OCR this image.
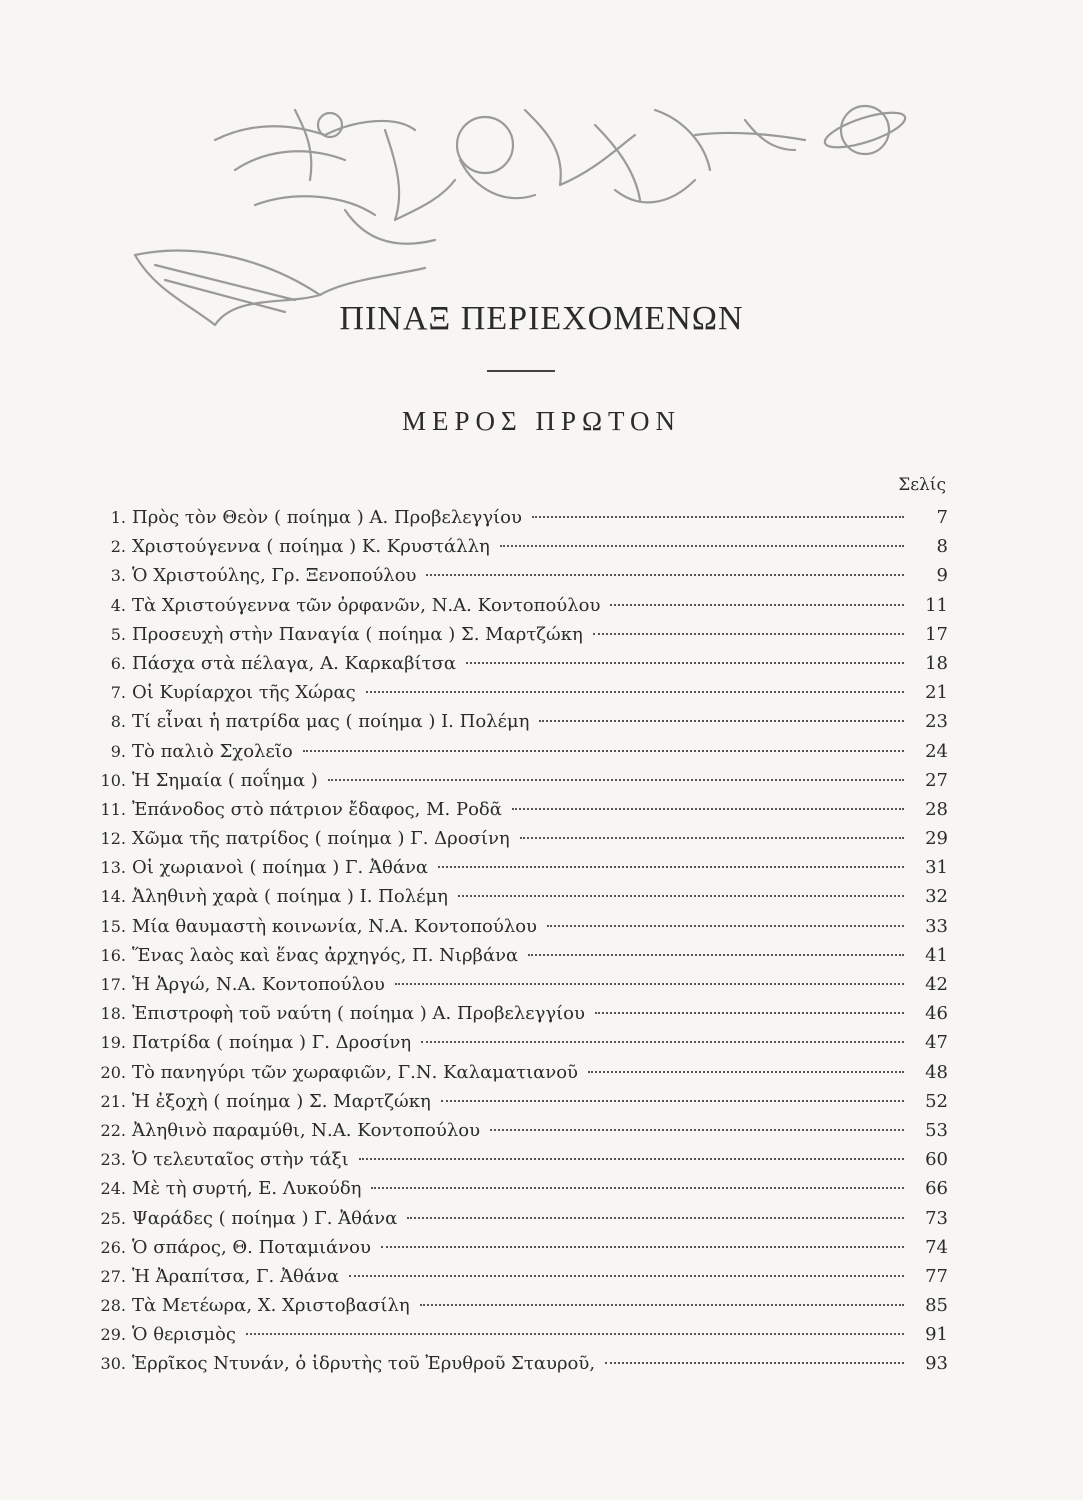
ΠΙΝΑΞ ΠΕΡΙΕΧΟΜΕΝΩΝ
ΜΕΡΟΣ ΠΡΩΤΟΝ
Σελίς
1. Πρὸς τὸν Θεὸν ( ποίημα ) Α. Προβελεγγίου	7
2. Χριστούγεννα ( ποίημα ) Κ. Κρυστάλλη	8
3. Ὁ Χριστούλης, Γρ. Ξενοπούλου	9
4. Τὰ Χριστούγεννα τῶν ὀρφανῶν, Ν.Α. Κοντοπούλου	11
5. Προσευχὴ στὴν Παναγία ( ποίημα ) Σ. Μαρτζώκη	17
6. Πάσχα στὰ πέλαγα, Α. Καρκαβίτσα	18
7. Οἱ Κυρίαρχοι τῆς Χώρας	21
8. Τί εἶναι ἡ πατρίδα μας ( ποίημα ) Ι. Πολέμη	23
9. Τὸ παλιὸ Σχολεῖο	24
10. Ἡ Σημαία ( ποΐημα )	27
11. Ἐπάνοδος στὸ πάτριον ἔδαφος, Μ. Ροδᾶ	28
12. Χῶμα τῆς πατρίδος ( ποίημα ) Γ. Δροσίνη	29
13. Οἱ χωριανοὶ ( ποίημα ) Γ. Ἀθάνα	31
14. Ἀληθινὴ χαρὰ ( ποίημα ) Ι. Πολέμη	32
15. Μία θαυμαστὴ κοινωνία, Ν.Α. Κοντοπούλου	33
16. Ἕνας λαὸς καὶ ἕνας ἀρχηγός, Π. Νιρβάνα	41
17. Ἡ Ἀργώ, Ν.Α. Κοντοπούλου	42
18. Ἐπιστροφὴ τοῦ ναύτη ( ποίημα ) Α. Προβελεγγίου	46
19. Πατρίδα ( ποίημα ) Γ. Δροσίνη	47
20. Τὸ πανηγύρι τῶν χωραφιῶν, Γ.Ν. Καλαματιανοῦ	48
21. Ἡ ἐξοχὴ ( ποίημα ) Σ. Μαρτζώκη	52
22. Ἀληθινὸ παραμύθι, Ν.Α. Κοντοπούλου	53
23. Ὁ τελευταῖος στὴν τάξι	60
24. Μὲ τὴ συρτή, Ε. Λυκούδη	66
25. Ψαράδες ( ποίημα ) Γ. Ἀθάνα	73
26. Ὁ σπάρος, Θ. Ποταμιάνου	74
27. Ἡ Ἀραπίτσα, Γ. Ἀθάνα	77
28. Τὰ Μετέωρα, Χ. Χριστοβασίλη	85
29. Ὁ θερισμὸς	91
30. Ἑρρῖκος Ντυνάν, ὁ ἱδρυτὴς τοῦ Ἐρυθροῦ Σταυροῦ,	93
